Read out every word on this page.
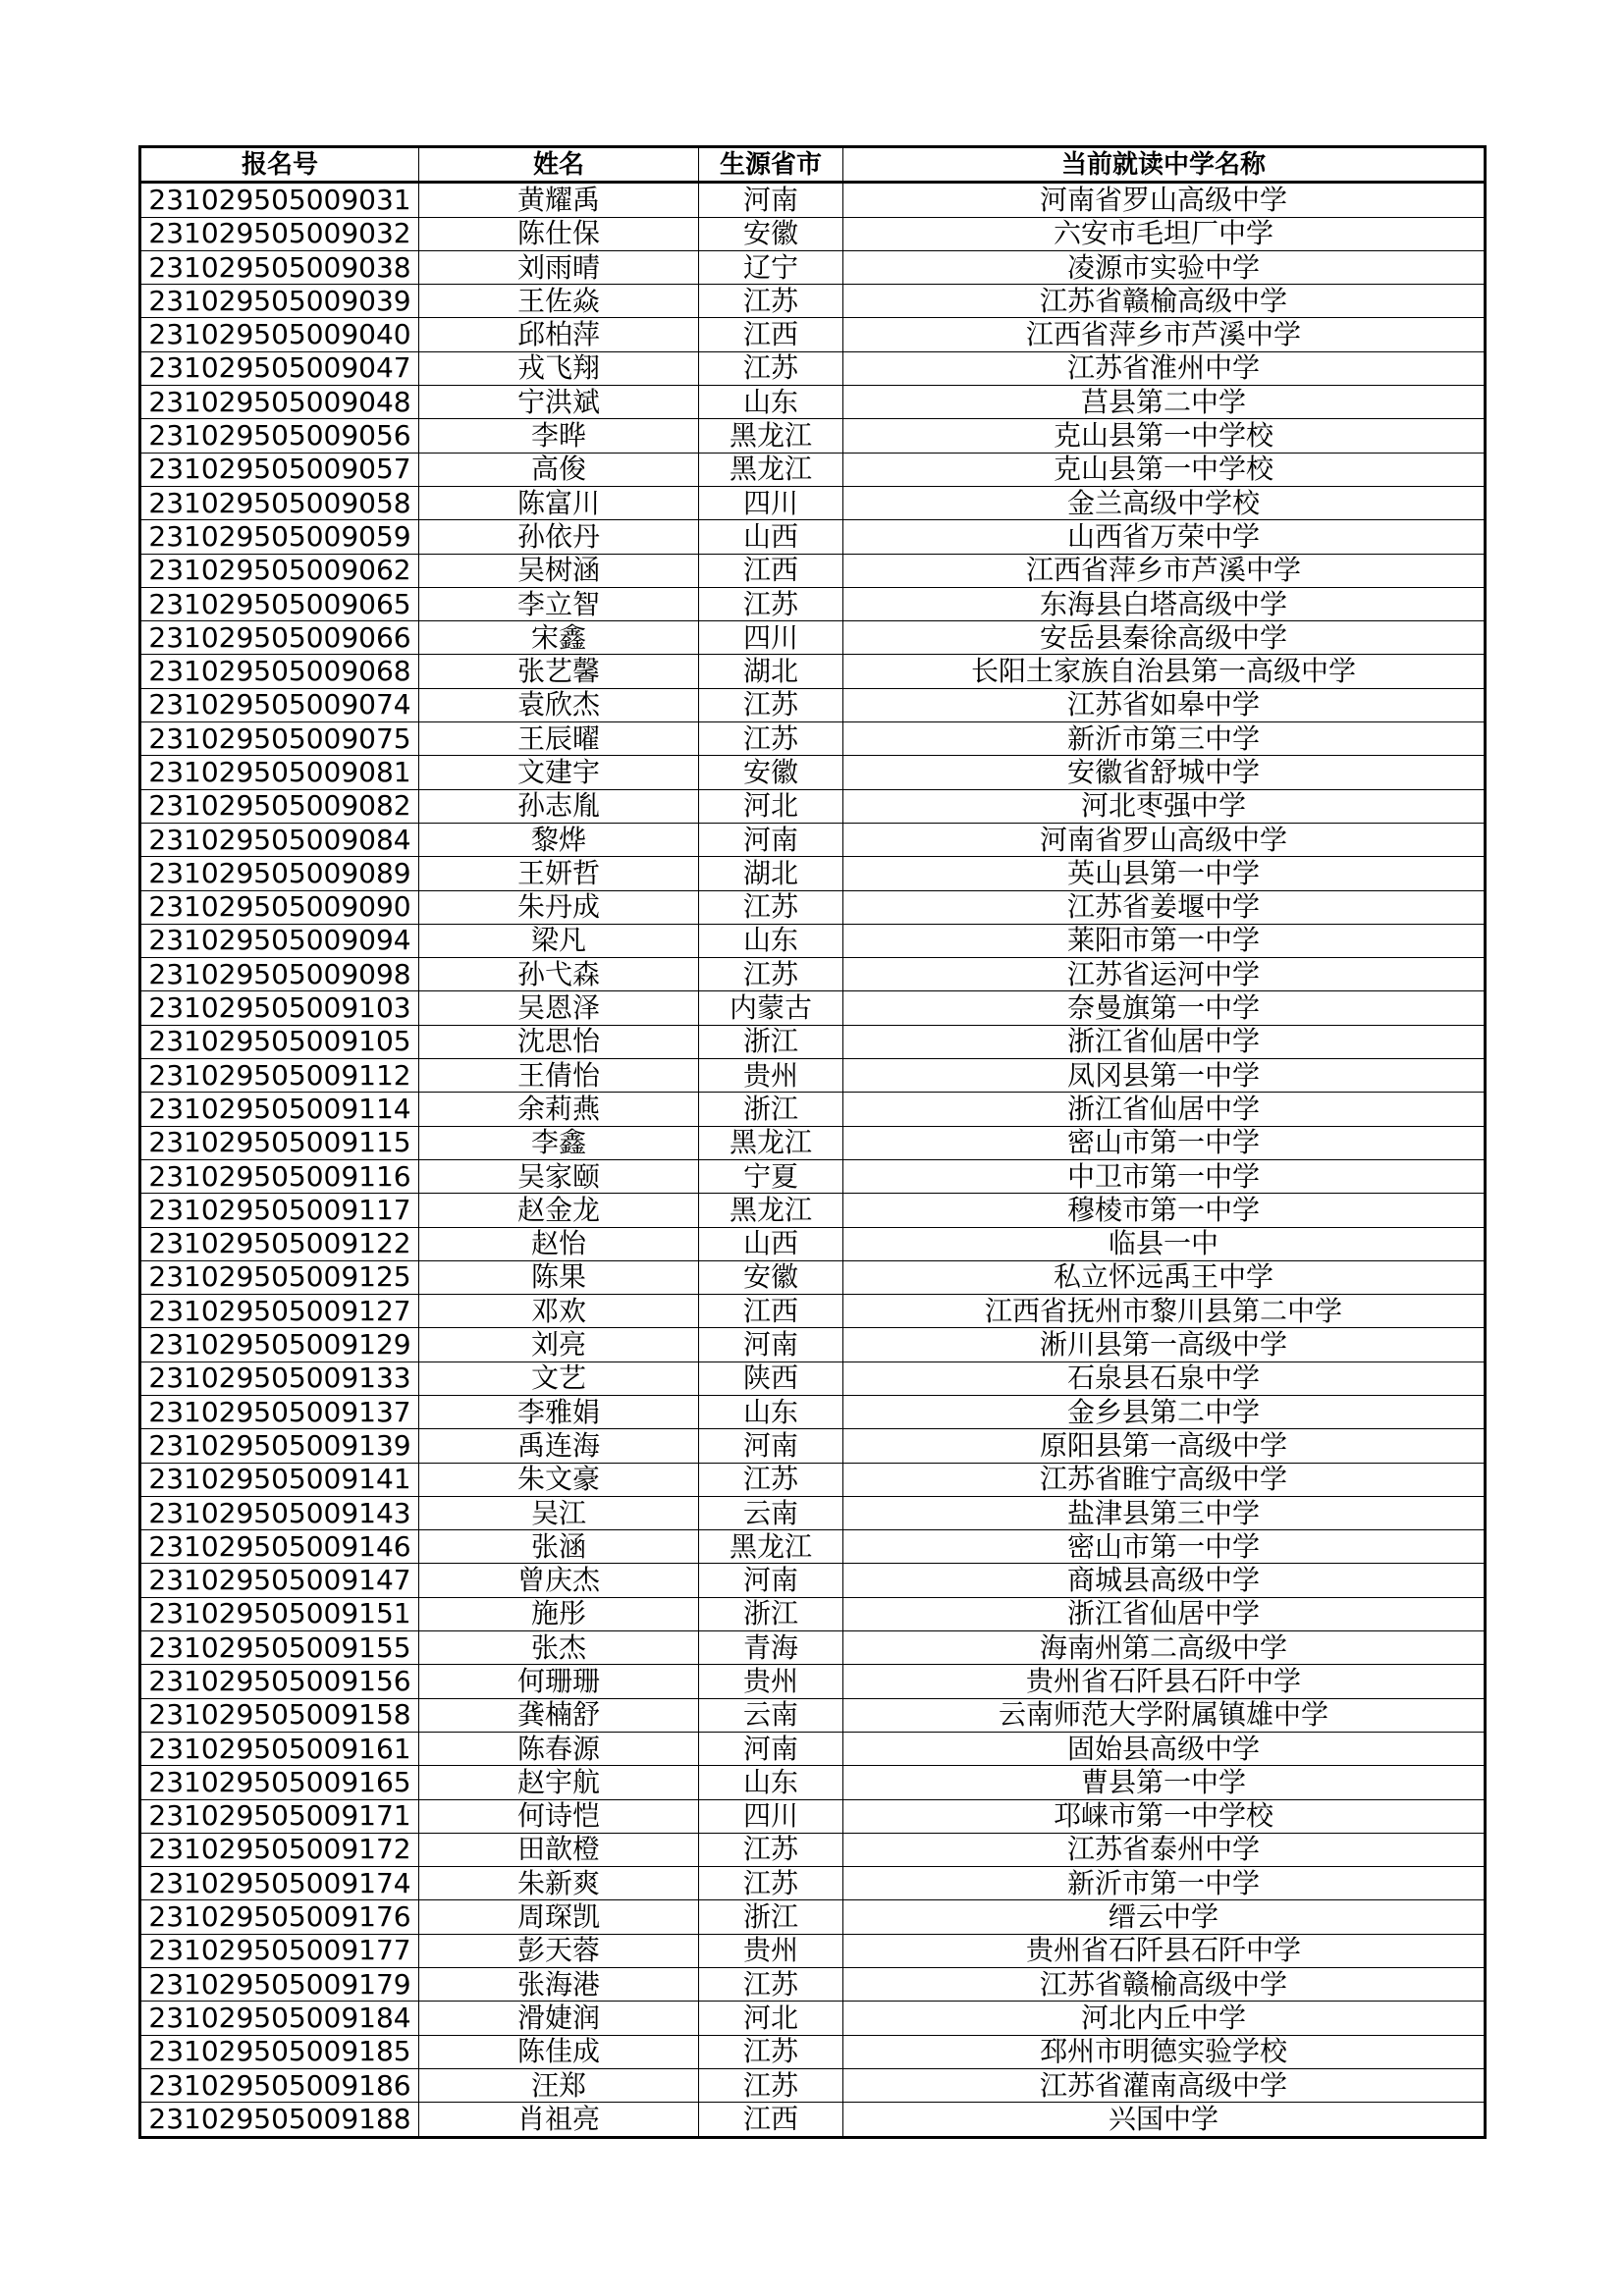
报名号	姓名	生源省市	当前就读中学名称
231029505009031	黄耀禹	河南	河南省罗山高级中学
231029505009032	陈仕保	安徽	六安市毛坦厂中学
231029505009038	刘雨晴	辽宁	凌源市实验中学
231029505009039	王佐焱	江苏	江苏省赣榆高级中学
231029505009040	邱柏萍	江西	江西省萍乡市芦溪中学
231029505009047	戎飞翔	江苏	江苏省淮州中学
231029505009048	宁洪斌	山东	莒县第二中学
231029505009056	李晔	黑龙江	克山县第一中学校
231029505009057	高俊	黑龙江	克山县第一中学校
231029505009058	陈富川	四川	金兰高级中学校
231029505009059	孙依丹	山西	山西省万荣中学
231029505009062	吴树涵	江西	江西省萍乡市芦溪中学
231029505009065	李立智	江苏	东海县白塔高级中学
231029505009066	宋鑫	四川	安岳县秦徐高级中学
231029505009068	张艺馨	湖北	长阳土家族自治县第一高级中学
231029505009074	袁欣杰	江苏	江苏省如皋中学
231029505009075	王辰曜	江苏	新沂市第三中学
231029505009081	文建宇	安徽	安徽省舒城中学
231029505009082	孙志胤	河北	河北枣强中学
231029505009084	黎烨	河南	河南省罗山高级中学
231029505009089	王妍哲	湖北	英山县第一中学
231029505009090	朱丹成	江苏	江苏省姜堰中学
231029505009094	梁凡	山东	莱阳市第一中学
231029505009098	孙弋森	江苏	江苏省运河中学
231029505009103	吴恩泽	内蒙古	奈曼旗第一中学
231029505009105	沈思怡	浙江	浙江省仙居中学
231029505009112	王倩怡	贵州	凤冈县第一中学
231029505009114	余莉燕	浙江	浙江省仙居中学
231029505009115	李鑫	黑龙江	密山市第一中学
231029505009116	吴家颐	宁夏	中卫市第一中学
231029505009117	赵金龙	黑龙江	穆棱市第一中学
231029505009122	赵怡	山西	临县一中
231029505009125	陈果	安徽	私立怀远禹王中学
231029505009127	邓欢	江西	江西省抚州市黎川县第二中学
231029505009129	刘亮	河南	淅川县第一高级中学
231029505009133	文艺	陕西	石泉县石泉中学
231029505009137	李雅娟	山东	金乡县第二中学
231029505009139	禹连海	河南	原阳县第一高级中学
231029505009141	朱文豪	江苏	江苏省睢宁高级中学
231029505009143	吴江	云南	盐津县第三中学
231029505009146	张涵	黑龙江	密山市第一中学
231029505009147	曾庆杰	河南	商城县高级中学
231029505009151	施彤	浙江	浙江省仙居中学
231029505009155	张杰	青海	海南州第二高级中学
231029505009156	何珊珊	贵州	贵州省石阡县石阡中学
231029505009158	龚楠舒	云南	云南师范大学附属镇雄中学
231029505009161	陈春源	河南	固始县高级中学
231029505009165	赵宇航	山东	曹县第一中学
231029505009171	何诗恺	四川	邛崃市第一中学校
231029505009172	田歆橙	江苏	江苏省泰州中学
231029505009174	朱新爽	江苏	新沂市第一中学
231029505009176	周琛凯	浙江	缙云中学
231029505009177	彭天蓉	贵州	贵州省石阡县石阡中学
231029505009179	张海港	江苏	江苏省赣榆高级中学
231029505009184	滑婕润	河北	河北内丘中学
231029505009185	陈佳成	江苏	邳州市明德实验学校
231029505009186	汪郑	江苏	江苏省灌南高级中学
231029505009188	肖祖亮	江西	兴国中学
